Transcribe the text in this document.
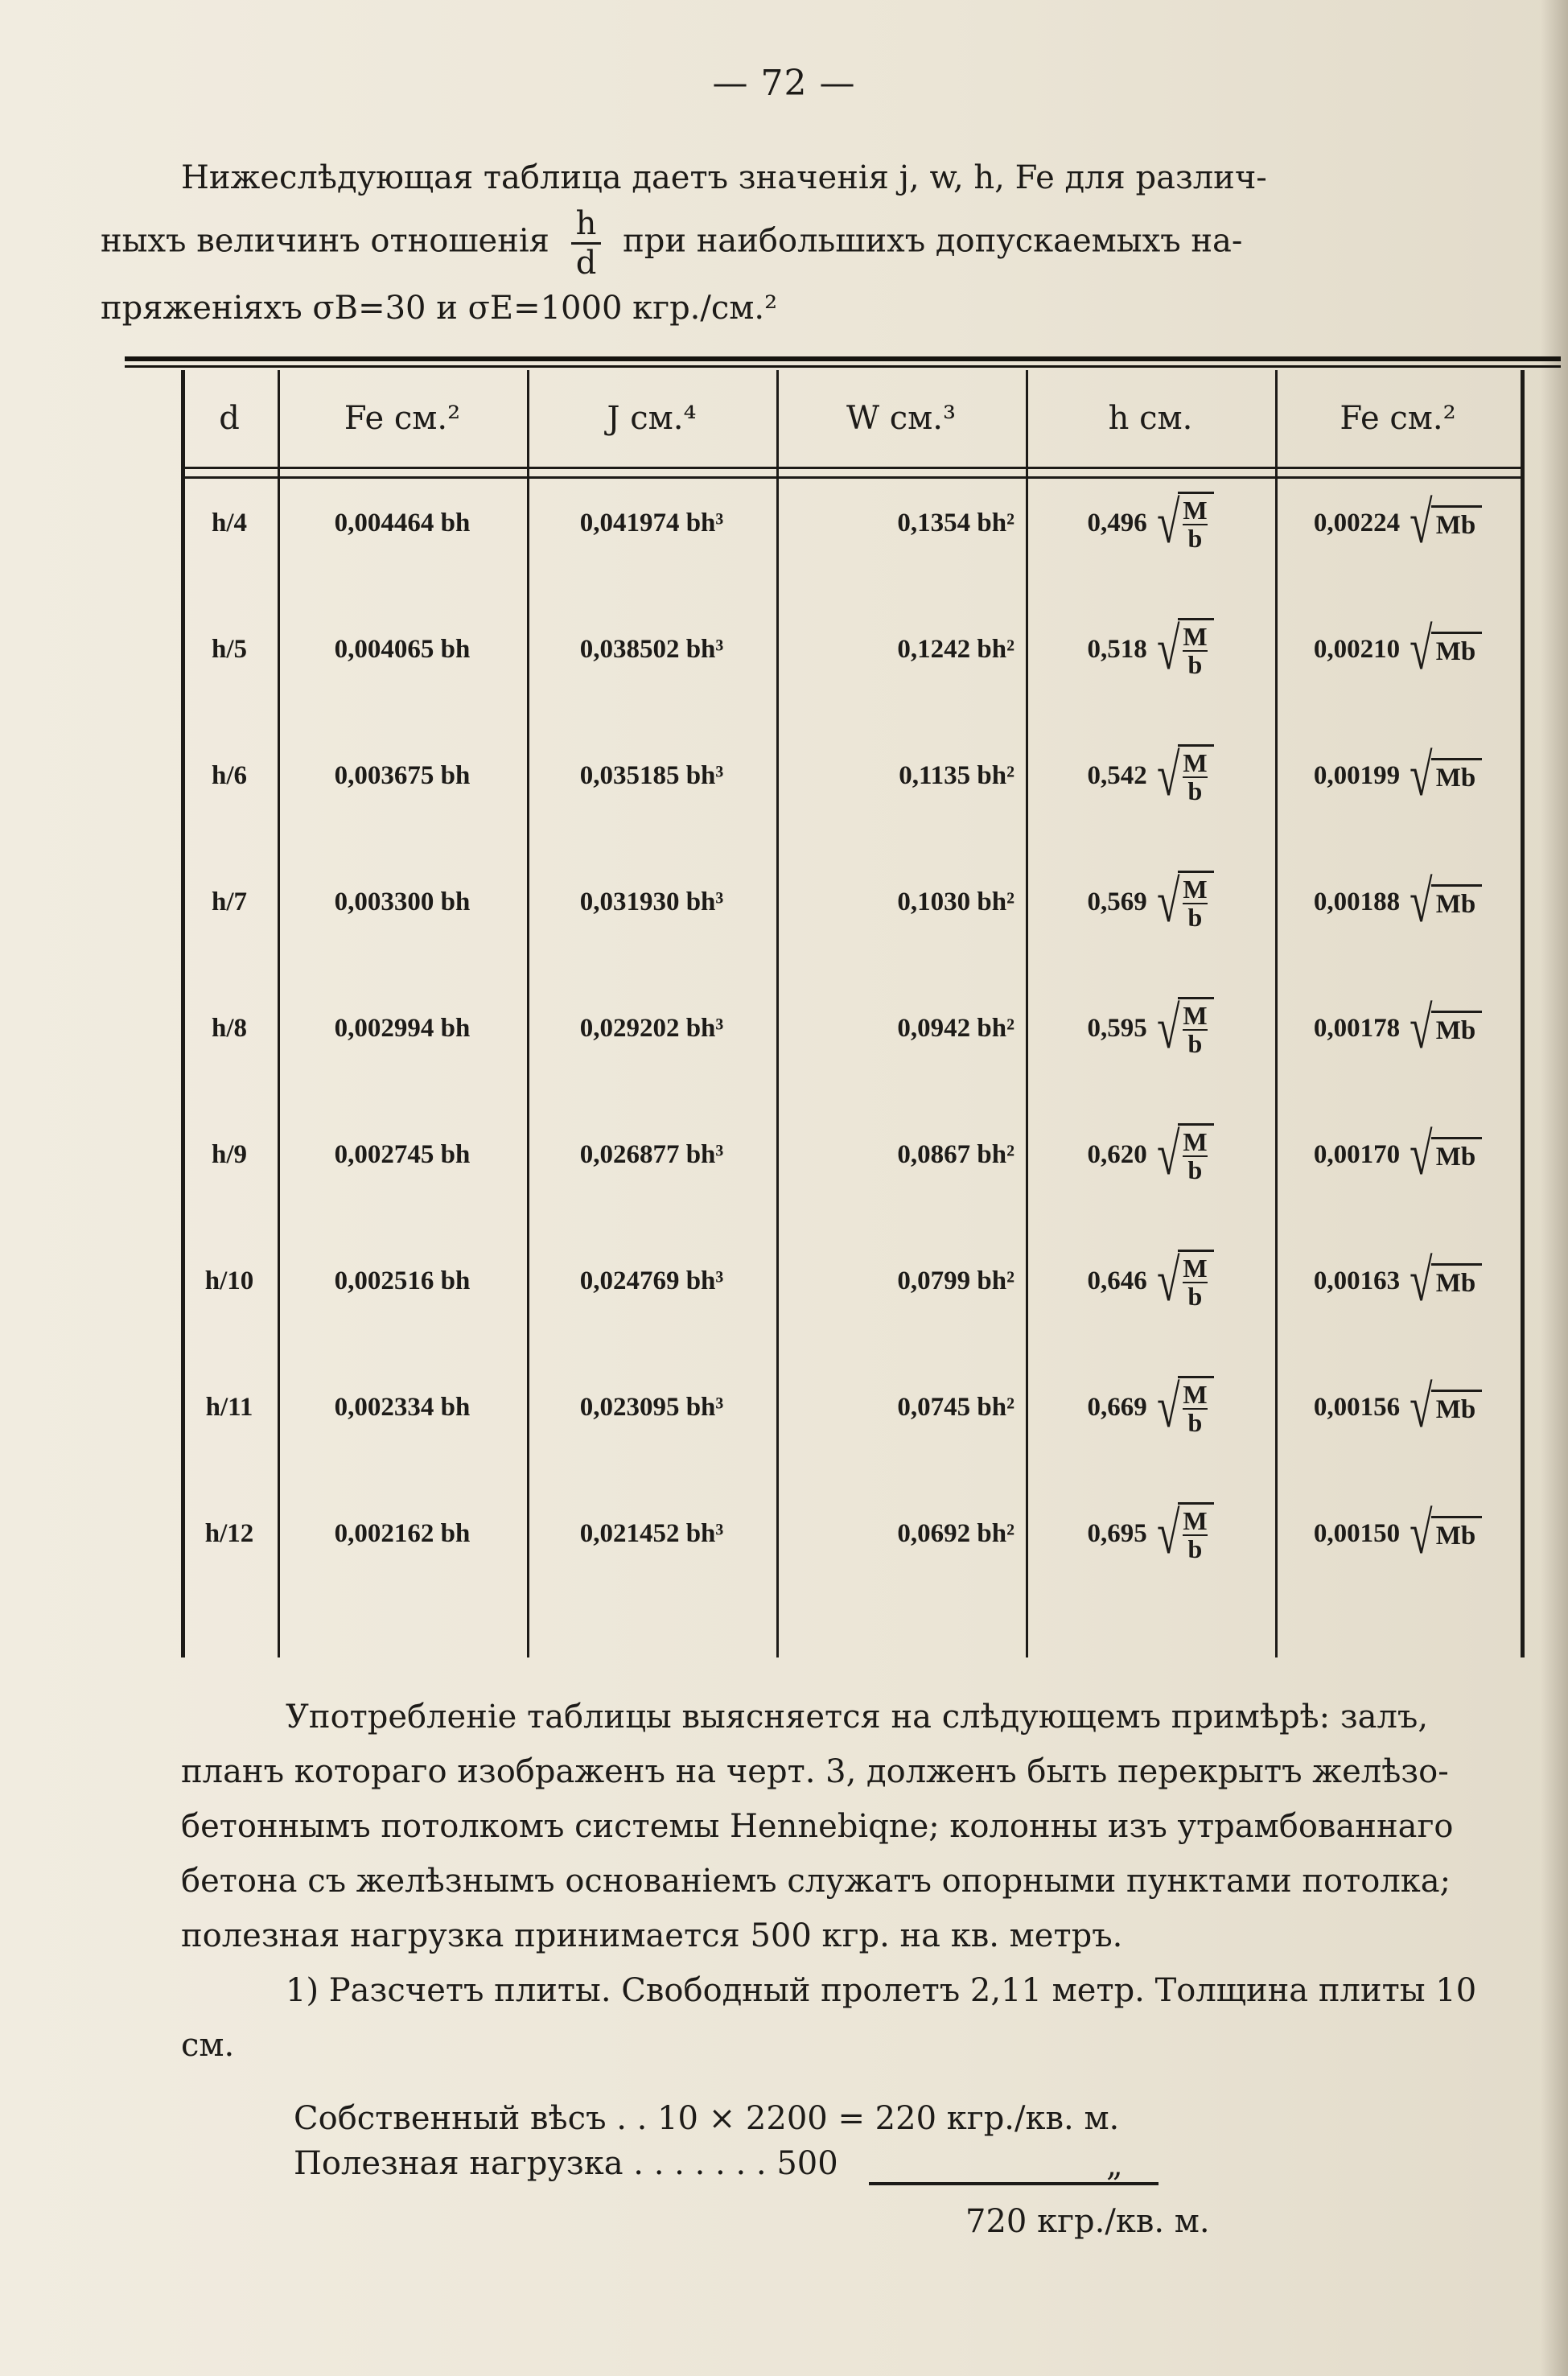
— 72 —
Нижеслѣдующая таблица даетъ значенія j, w, h, Fe для различ-
ныхъ величинъ отношенія $\frac{h}{d}$ при наибольшихъ допускаемыхъ на-
пряженіяхъ σB=30 и σE=1000 кгр./см.²
d	Fe см.²	J см.⁴	W см.³	h см.	Fe см.²
h/4	0,004464 bh	0,041974 bh³	0,1354 bh²	0,496 √ $\frac{M}{b}$	0,00224 √ Mb
h/5	0,004065 bh	0,038502 bh³	0,1242 bh²	0,518 √ $\frac{M}{b}$	0,00210 √ Mb
h/6	0,003675 bh	0,035185 bh³	0,1135 bh²	0,542 √ $\frac{M}{b}$	0,00199 √ Mb
h/7	0,003300 bh	0,031930 bh³	0,1030 bh²	0,569 √ $\frac{M}{b}$	0,00188 √ Mb
h/8	0,002994 bh	0,029202 bh³	0,0942 bh²	0,595 √ $\frac{M}{b}$	0,00178 √ Mb
h/9	0,002745 bh	0,026877 bh³	0,0867 bh²	0,620 √ $\frac{M}{b}$	0,00170 √ Mb
h/10	0,002516 bh	0,024769 bh³	0,0799 bh²	0,646 √ $\frac{M}{b}$	0,00163 √ Mb
h/11	0,002334 bh	0,023095 bh³	0,0745 bh²	0,669 √ $\frac{M}{b}$	0,00156 √ Mb
h/12	0,002162 bh	0,021452 bh³	0,0692 bh²	0,695 √ $\frac{M}{b}$	0,00150 √ Mb
Употребленіе таблицы выясняется на слѣдующемъ примѣрѣ: залъ, планъ котораго изображенъ на черт. 3, долженъ быть перекрытъ желѣзо-бетоннымъ потолкомъ системы Hennebiqne; колонны изъ утрамбованнаго бетона съ желѣзнымъ основаніемъ служатъ опорными пунктами потолка; полезная нагрузка принимается 500 кгр. на кв. метръ.
1) Разсчетъ плиты. Свободный пролетъ 2,11 метр. Толщина плиты 10 см.
Собственный вѣсъ . . 10 × 2200 = 220 кгр./кв. м.
Полезная нагрузка . . . . . . . 500	„
720 кгр./кв. м.
